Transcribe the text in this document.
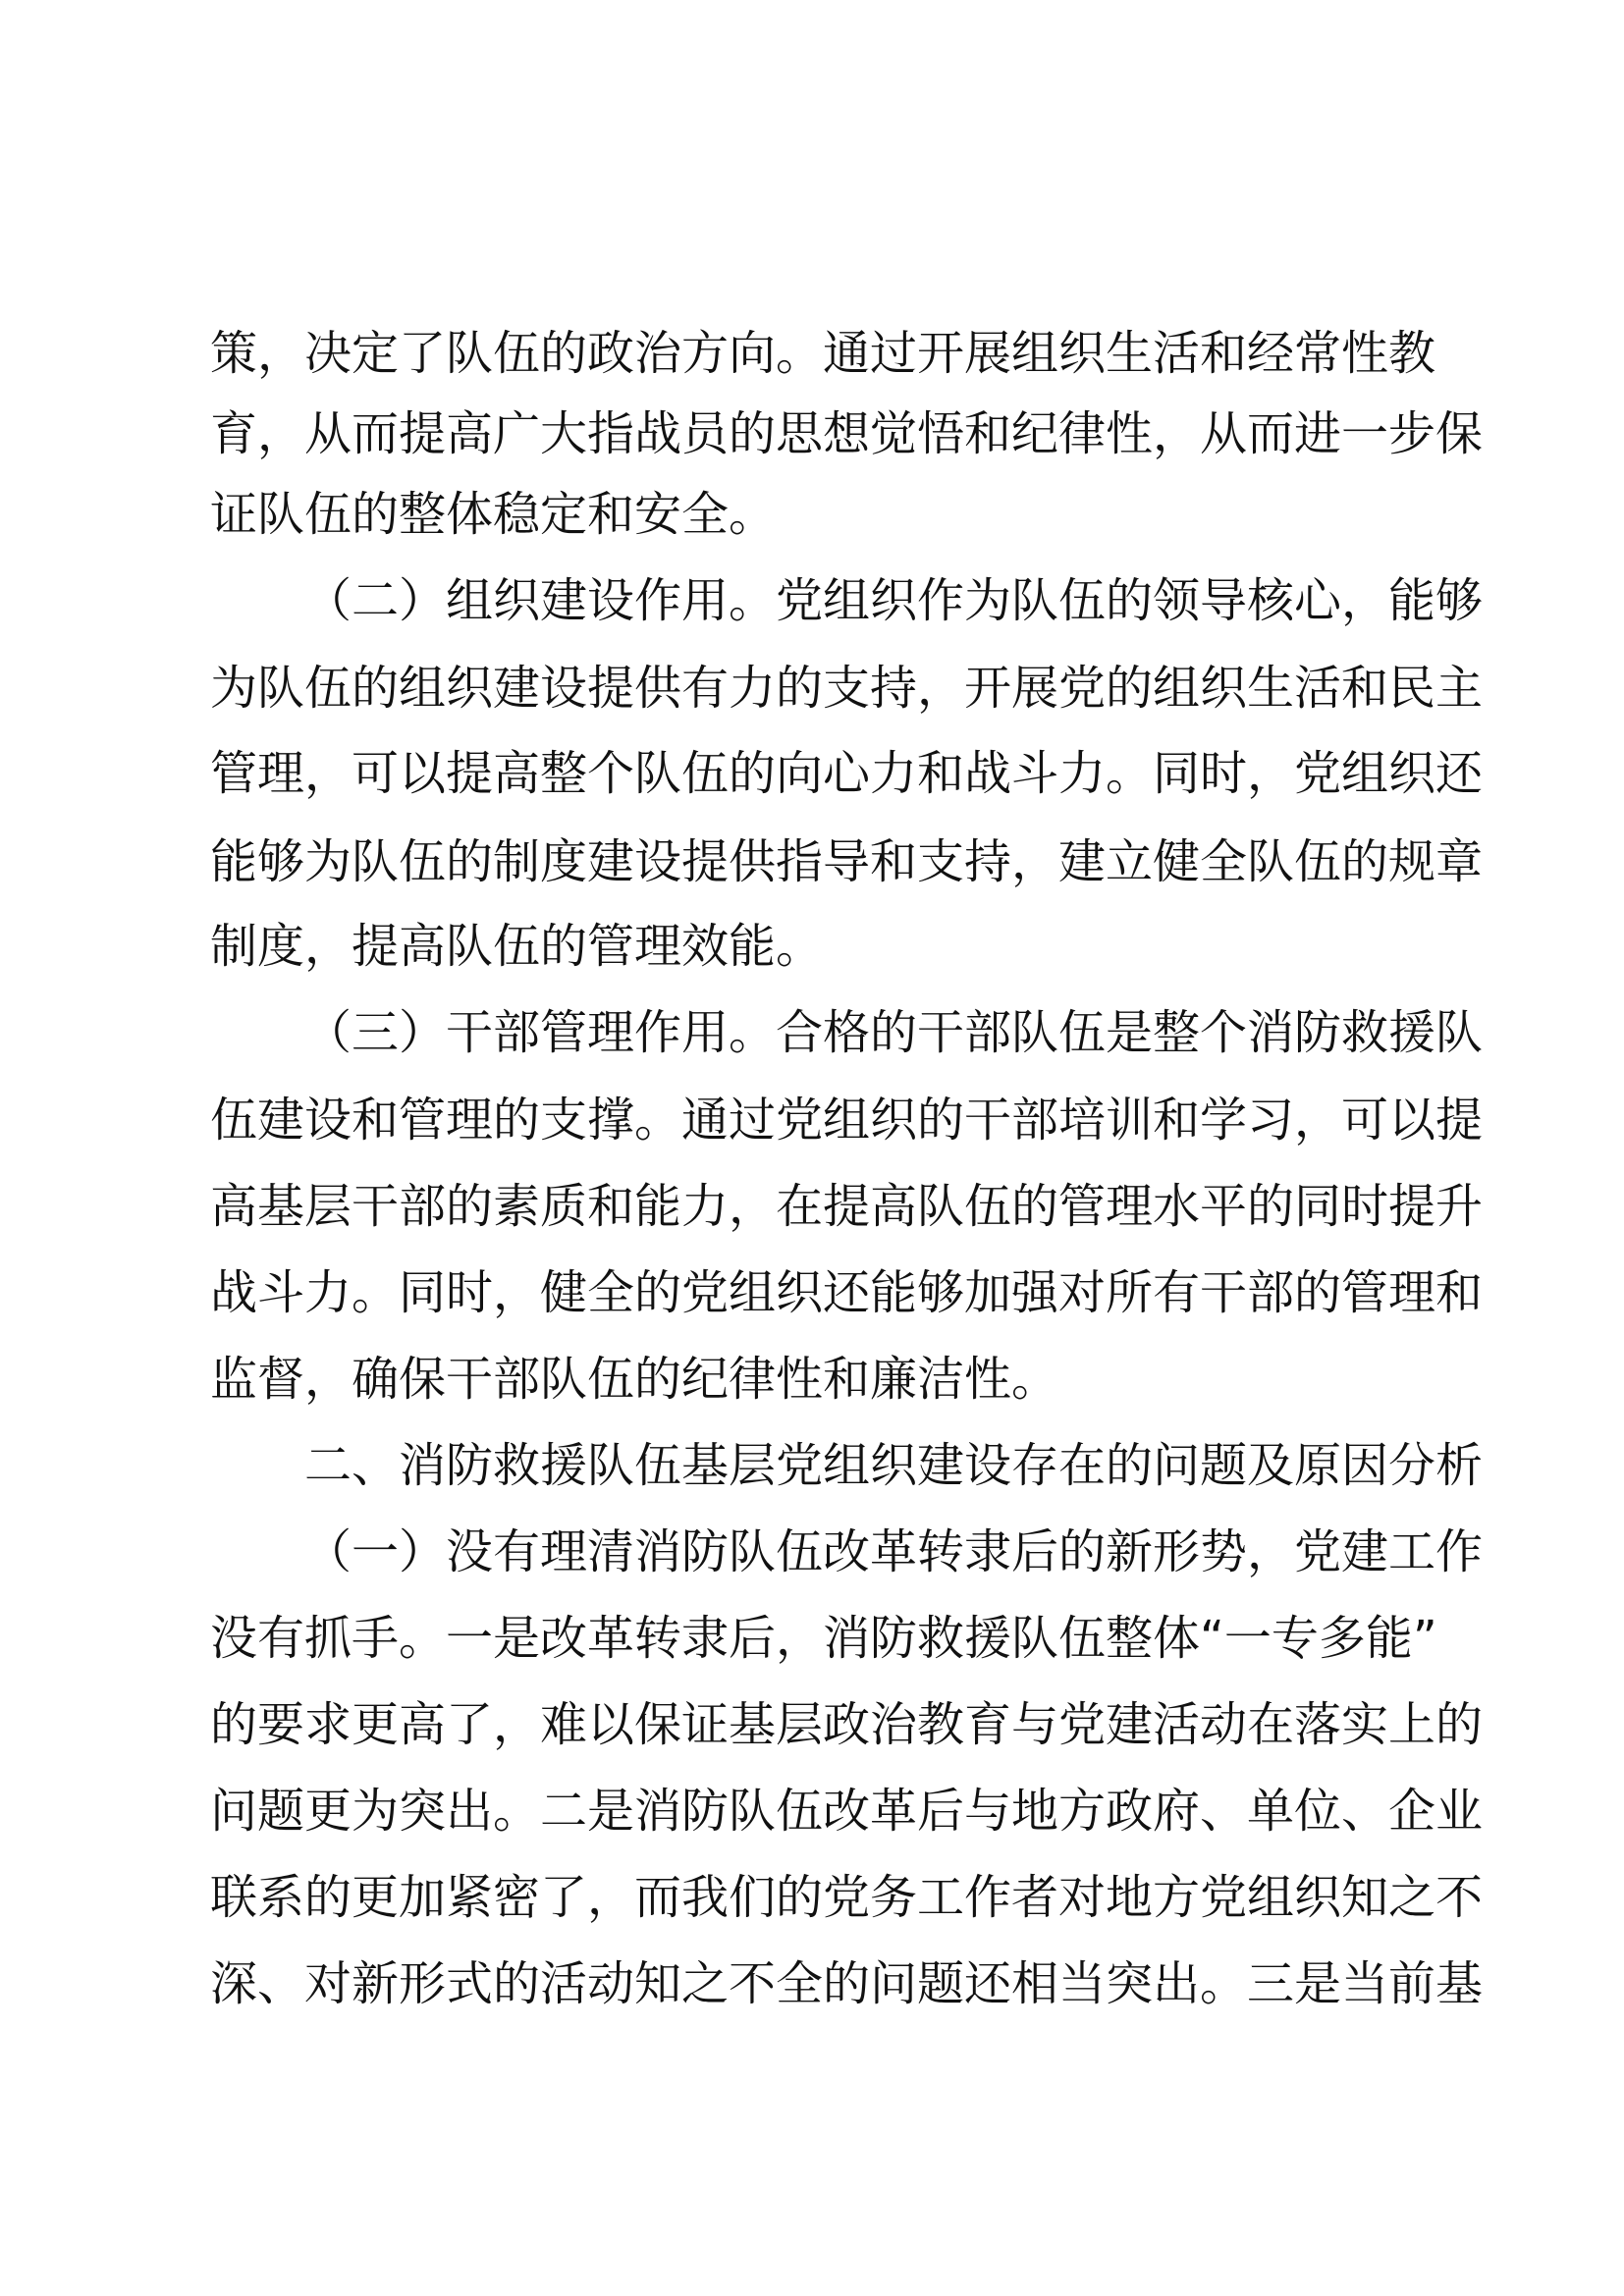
策，决定了队伍的政治方向。通过开展组织生活和经常性教
育，从而提高广大指战员的思想觉悟和纪律性，从而进一步保
证队伍的整体稳定和安全。
（二）组织建设作用。党组织作为队伍的领导核心，能够
为队伍的组织建设提供有力的支持，开展党的组织生活和民主
管理，可以提高整个队伍的向心力和战斗力。同时，党组织还
能够为队伍的制度建设提供指导和支持，建立健全队伍的规章
制度，提高队伍的管理效能。
（三）干部管理作用。合格的干部队伍是整个消防救援队
伍建设和管理的支撑。通过党组织的干部培训和学习，可以提
高基层干部的素质和能力，在提高队伍的管理水平的同时提升
战斗力。同时，健全的党组织还能够加强对所有干部的管理和
监督，确保干部队伍的纪律性和廉洁性。
二、消防救援队伍基层党组织建设存在的问题及原因分析
（一）没有理清消防队伍改革转隶后的新形势，党建工作
没有抓手。一是改革转隶后，消防救援队伍整体“一专多能”
的要求更高了，难以保证基层政治教育与党建活动在落实上的
问题更为突出。二是消防队伍改革后与地方政府、单位、企业
联系的更加紧密了，而我们的党务工作者对地方党组织知之不
深、对新形式的活动知之不全的问题还相当突出。三是当前基
